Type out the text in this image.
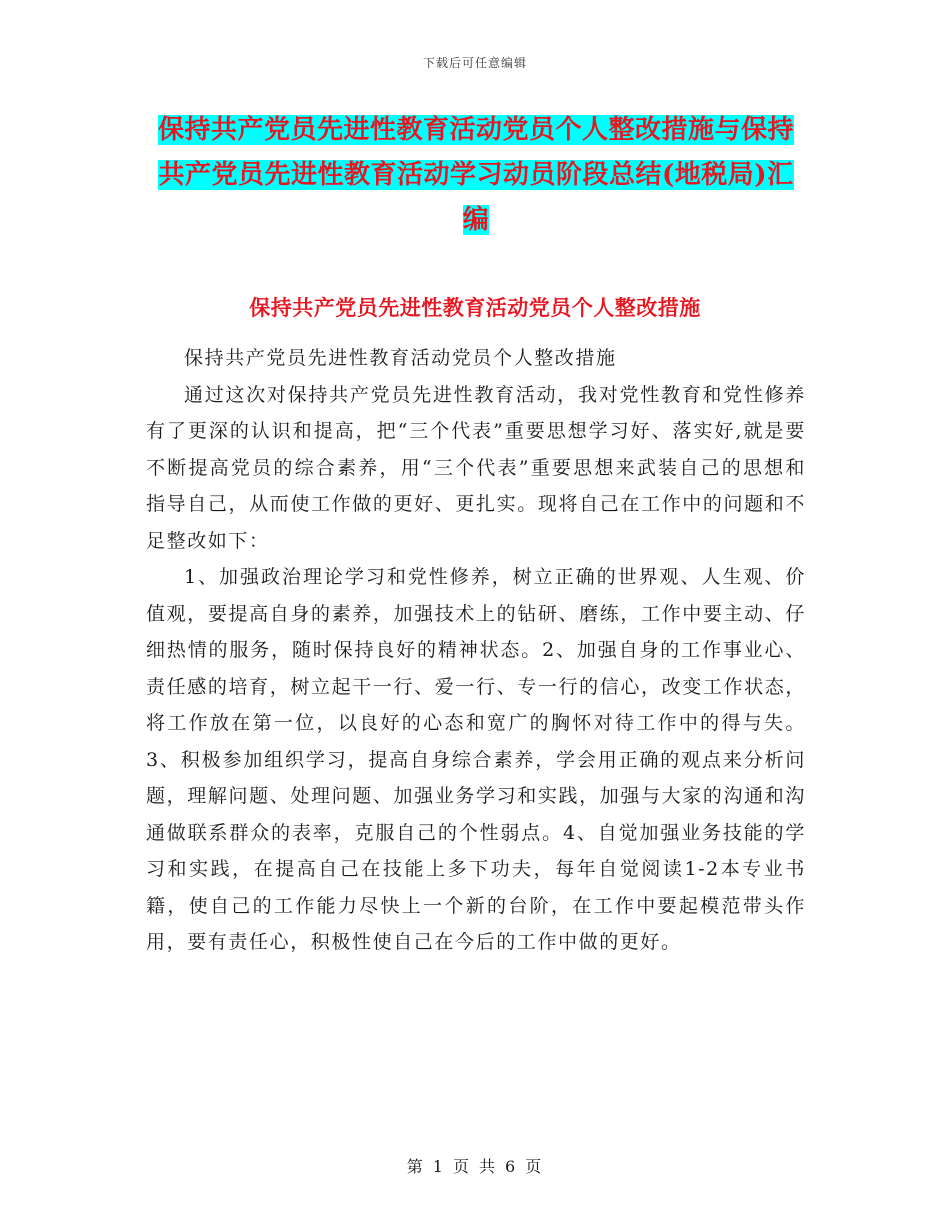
下载后可任意编辑
保持共产党员先进性教育活动党员个人整改措施与保持共产党员先进性教育活动学习动员阶段总结(地税局)汇编
保持共产党员先进性教育活动党员个人整改措施

保持共产党员先进性教育活动党员个人整改措施

通过这次对保持共产党员先进性教育活动，我对党性教育和党性修养有了更深的认识和提高，把“三个代表”重要思想学习好、落实好,就是要不断提高党员的综合素养，用“三个代表”重要思想来武装自己的思想和指导自己，从而使工作做的更好、更扎实。现将自己在工作中的问题和不足整改如下：

1、加强政治理论学习和党性修养，树立正确的世界观、人生观、价值观，要提高自身的素养，加强技术上的钻研、磨练，工作中要主动、仔细热情的服务，随时保持良好的精神状态。2、加强自身的工作事业心、责任感的培育，树立起干一行、爱一行、专一行的信心，改变工作状态，将工作放在第一位，以良好的心态和宽广的胸怀对待工作中的得与失。3、积极参加组织学习，提高自身综合素养，学会用正确的观点来分析问题，理解问题、处理问题、加强业务学习和实践，加强与大家的沟通和沟通做联系群众的表率，克服自己的个性弱点。4、自觉加强业务技能的学习和实践，在提高自己在技能上多下功夫，每年自觉阅读1-2本专业书籍，使自己的工作能力尽快上一个新的台阶，在工作中要起模范带头作用，要有责任心，积极性使自己在今后的工作中做的更好。

第 1 页 共 6 页
